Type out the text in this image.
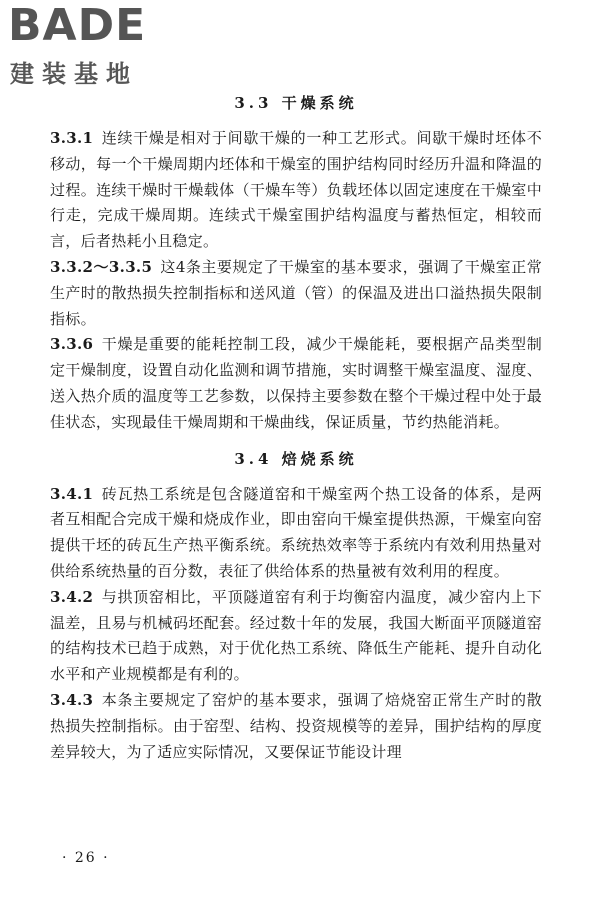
BADE
建装基地
3.3 干燥系统

3.3.1 连续干燥是相对于间歇干燥的一种工艺形式。间歇干燥时坯体不移动，每一个干燥周期内坯体和干燥室的围护结构同时经历升温和降温的过程。连续干燥时干燥载体（干燥车等）负载坯体以固定速度在干燥室中行走，完成干燥周期。连续式干燥室围护结构温度与蓄热恒定，相较而言，后者热耗小且稳定。

3.3.2～3.3.5 这4条主要规定了干燥室的基本要求，强调了干燥室正常生产时的散热损失控制指标和送风道（管）的保温及进出口溢热损失限制指标。

3.3.6 干燥是重要的能耗控制工段，减少干燥能耗，要根据产品类型制定干燥制度，设置自动化监测和调节措施，实时调整干燥室温度、湿度、送入热介质的温度等工艺参数，以保持主要参数在整个干燥过程中处于最佳状态，实现最佳干燥周期和干燥曲线，保证质量，节约热能消耗。

3.4 焙烧系统

3.4.1 砖瓦热工系统是包含隧道窑和干燥室两个热工设备的体系，是两者互相配合完成干燥和烧成作业，即由窑向干燥室提供热源，干燥室向窑提供干坯的砖瓦生产热平衡系统。系统热效率等于系统内有效利用热量对供给系统热量的百分数，表征了供给体系的热量被有效利用的程度。

3.4.2 与拱顶窑相比，平顶隧道窑有利于均衡窑内温度，减少窑内上下温差，且易与机械码坯配套。经过数十年的发展，我国大断面平顶隧道窑的结构技术已趋于成熟，对于优化热工系统、降低生产能耗、提升自动化水平和产业规模都是有利的。

3.4.3 本条主要规定了窑炉的基本要求，强调了焙烧窑正常生产时的散热损失控制指标。由于窑型、结构、投资规模等的差异，围护结构的厚度差异较大，为了适应实际情况，又要保证节能设计理

· 26 ·
